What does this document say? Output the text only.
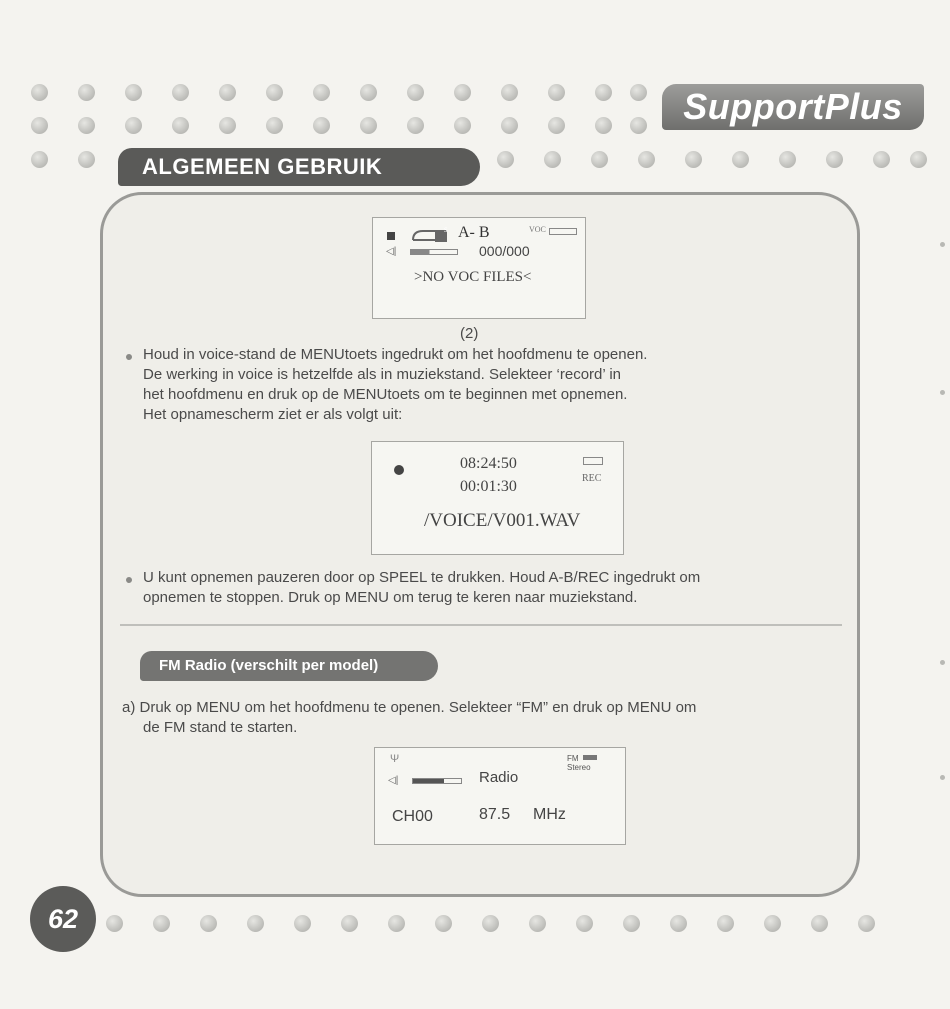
SupportPlus
ALGEMEEN GEBRUIK
s A- B	VOC
◁|	000/000
>NO VOC FILES<
(2)
Houd in voice-stand de MENUtoets ingedrukt om het hoofdmenu te openen.
De werking in voice is hetzelfde als in muziekstand. Selekteer ‘record’ in
het hoofdmenu en druk op de MENUtoets om te beginnen met opnemen.
Het opnamescherm ziet er als volgt uit:
08:24:50
00:01:30	REC
/VOICE/V001.WAV
U kunt opnemen pauzeren door op SPEEL te drukken. Houd A-B/REC ingedrukt om
opnemen te stoppen. Druk op MENU om terug te keren naar muziekstand.
FM Radio (verschilt per model)
a) Druk op MENU om het hoofdmenu te openen. Selekteer “FM” en druk op MENU om
de FM stand te starten.
Ψ
◁|	Radio
FM
Stereo
CH00	87.5 MHz
62
